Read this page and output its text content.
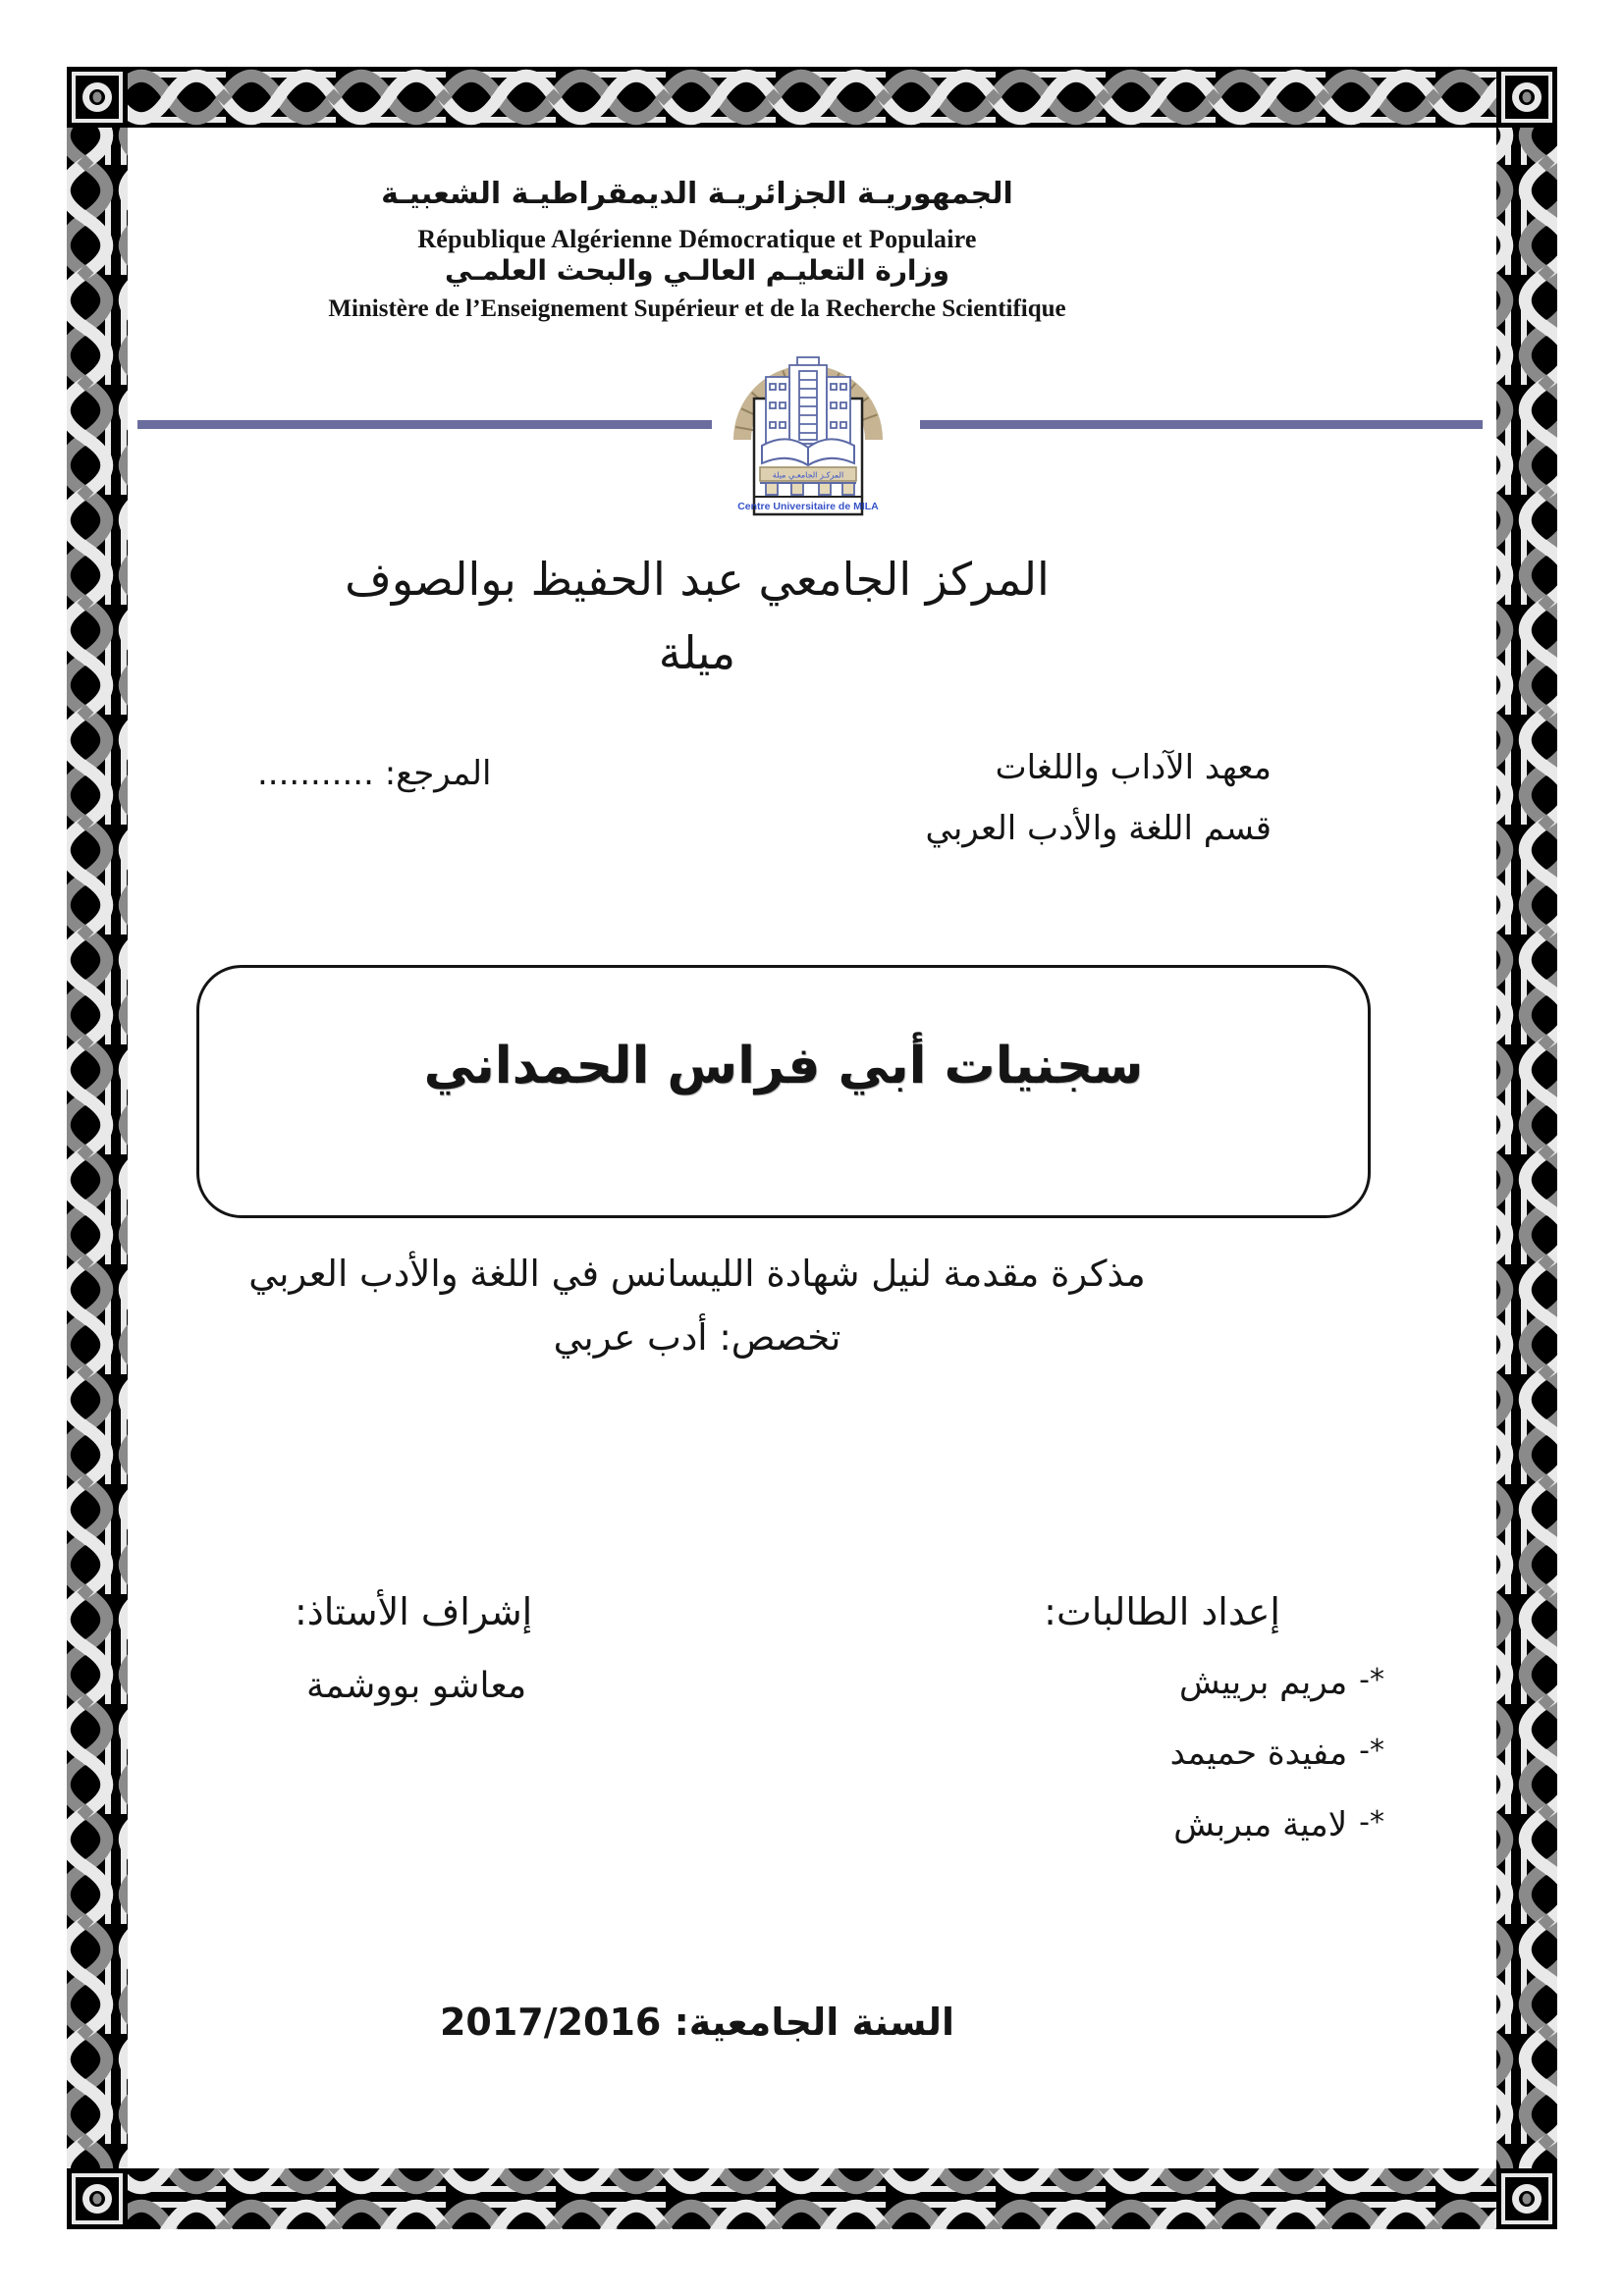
الجمهوريـة الجزائريـة الديمقراطيـة الشعبيـة
République Algérienne Démocratique et Populaire
وزارة التعليـم العالـي والبحث العلمـي
Ministère de l’Enseignement Supérieur et de la Recherche Scientifique
المركـز الجامعـي ميلة
Centre Universitaire de MILA
المركز الجامعي عبد الحفيظ بوالصوف
ميلة
معهد الآداب واللغات
قسم اللغة والأدب العربي
المرجع: ...........
سجنيات أبي فراس الحمداني
مذكرة مقدمة لنيل شهادة الليسانس في اللغة والأدب العربي
تخصص: أدب عربي
إعداد الطالبات:
*-مريم برييش
*-مفيدة حميمد
*-لامية مبربش
إشراف الأستاذ:
معاشو بووشمة
السنة الجامعية: 2017/2016
